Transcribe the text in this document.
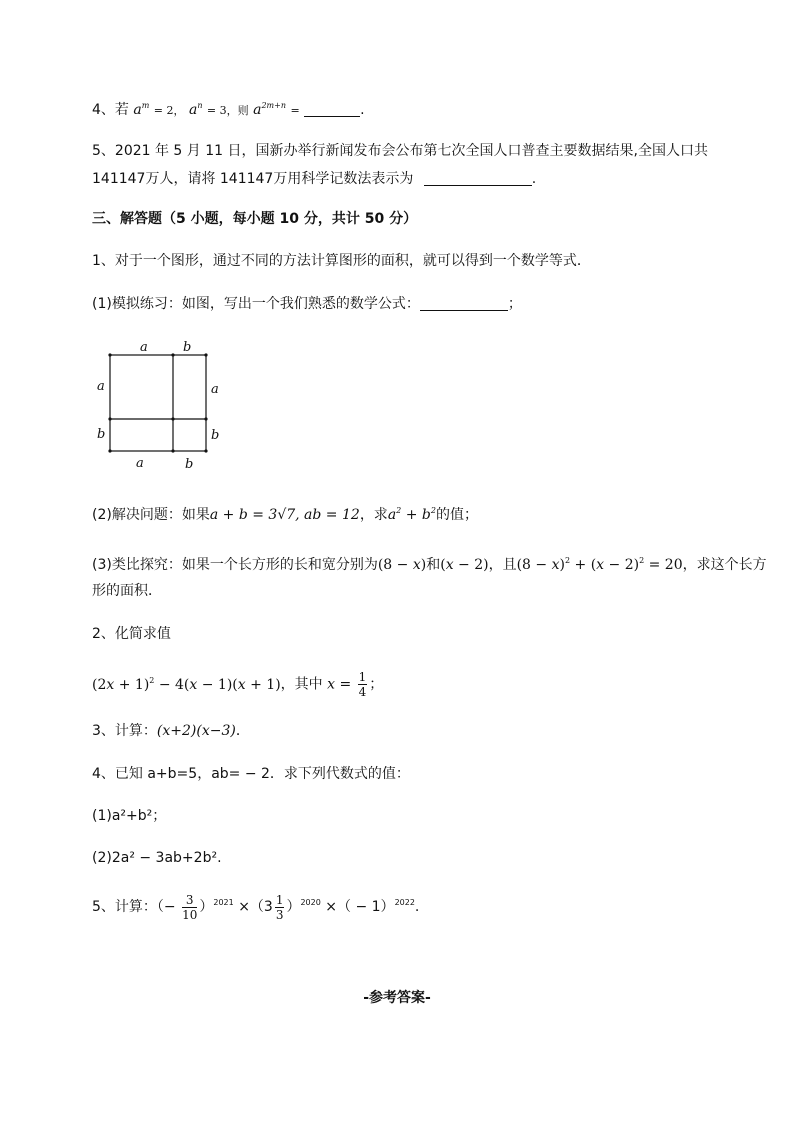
4、若 $a^m = 2$， $a^n = 3$，则 $a^{2m+n}$ =	.
5、2021 年 5 月 11 日，国新办举行新闻发布会公布第七次全国人口普查主要数据结果,全国人口共
141147万人，请将 141147万用科学记数法表示为	.
三、解答题（5 小题，每小题 10 分，共计 50 分）
1、对于一个图形，通过不同的方法计算图形的面积，就可以得到一个数学等式．
(1)模拟练习：如图，写出一个我们熟悉的数学公式：	；
a	b
a
b
a
b
a	b
(2)解决问题：如果a + b = 3√7, ab = 12，求$a^2 + b^2$的值；
(3)类比探究：如果一个长方形的长和宽分别为(8 − x)和(x − 2)，且$(8 - x)^2 + (x - 2)^2 = 20$，求这个长方
形的面积．
2、化简求值
$(2x + 1)^2 - 4(x - 1)(x + 1)$，其中 $x = \frac{1}{4}$ ；
3、计算：(x+2)(x−3)．
4、已知 a+b=5，ab= − 2．求下列代数式的值：
(1)a²+b²；
(2)2a² − 3ab+2b².
5、计算：（− $\frac{3}{10} )^{2021} \times(3 \frac{1}{3} )^{2020}$ ×（ − 1）$^{2022}$.
-参考答案-
